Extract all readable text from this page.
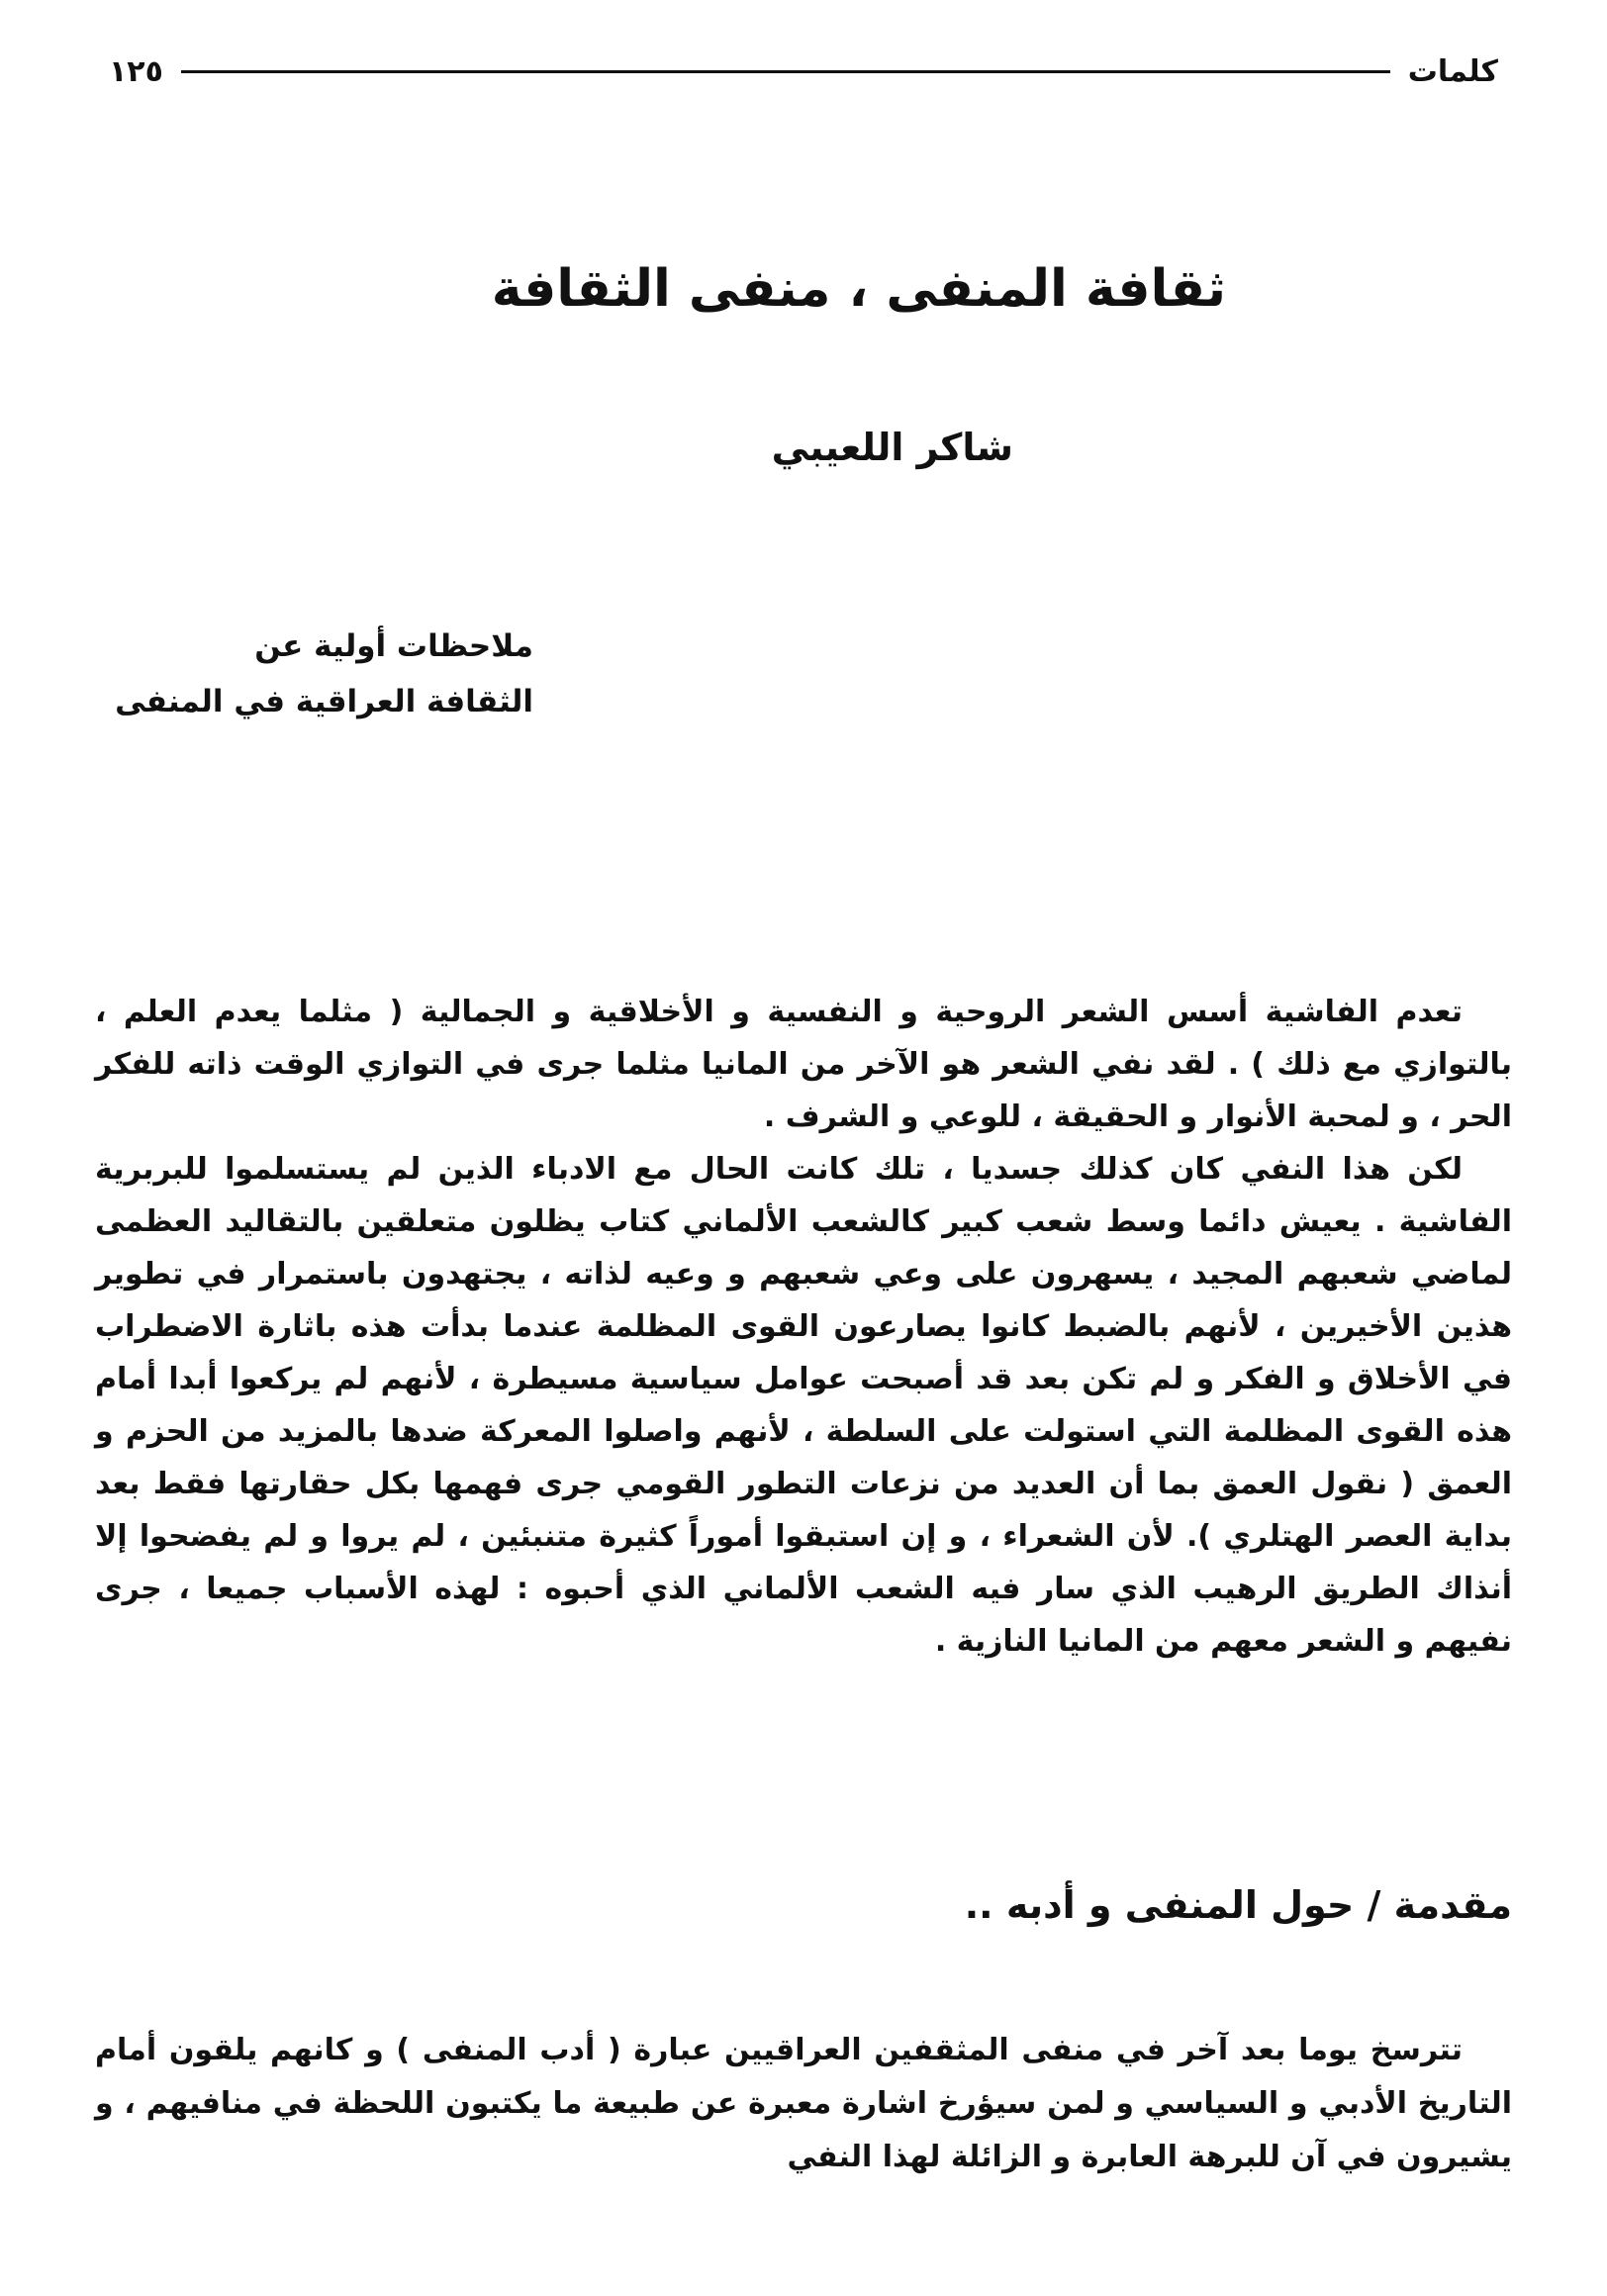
كلمات
١٢٥
ثقافة المنفى ، منفى الثقافة
شاكر اللعيبي
ملاحظات أولية عن
الثقافة العراقية في المنفى

تعدم الفاشية أسس الشعر الروحية و النفسية و الأخلاقية و الجمالية ( مثلما يعدم العلم ، بالتوازي مع ذلك ) . لقد نفي الشعر هو الآخر من المانيا مثلما جرى في التوازي الوقت ذاته للفكر الحر ، و لمحبة الأنوار و الحقيقة ، للوعي و الشرف .

لكن هذا النفي كان كذلك جسديا ، تلك كانت الحال مع الادباء الذين لم يستسلموا للبربرية الفاشية . يعيش دائما وسط شعب كبير كالشعب الألماني كتاب يظلون متعلقين بالتقاليد العظمى لماضي شعبهم المجيد ، يسهرون على وعي شعبهم و وعيه لذاته ، يجتهدون باستمرار في تطوير هذين الأخيرين ، لأنهم بالضبط كانوا يصارعون القوى المظلمة عندما بدأت هذه باثارة الاضطراب في الأخلاق و الفكر و لم تكن بعد قد أصبحت عوامل سياسية مسيطرة ، لأنهم لم يركعوا أبدا أمام هذه القوى المظلمة التي استولت على السلطة ، لأنهم واصلوا المعركة ضدها بالمزيد من الحزم و العمق ( نقول العمق بما أن العديد من نزعات التطور القومي جرى فهمها بكل حقارتها فقط بعد بداية العصر الهتلري ). لأن الشعراء ، و إن استبقوا أموراً كثيرة متنبئين ، لم يروا و لم يفضحوا إلا أنذاك الطريق الرهيب الذي سار فيه الشعب الألماني الذي أحبوه : لهذه الأسباب جميعا ، جرى نفيهم و الشعر معهم من المانيا النازية .

مقدمة / حول المنفى و أدبه ..

تترسخ يوما بعد آخر في منفى المثقفين العراقيين عبارة ( أدب المنفى ) و كانهم يلقون أمام التاريخ الأدبي و السياسي و لمن سيؤرخ اشارة معبرة عن طبيعة ما يكتبون اللحظة في منافيهم ، و يشيرون في آن للبرهة العابرة و الزائلة لهذا النفي
